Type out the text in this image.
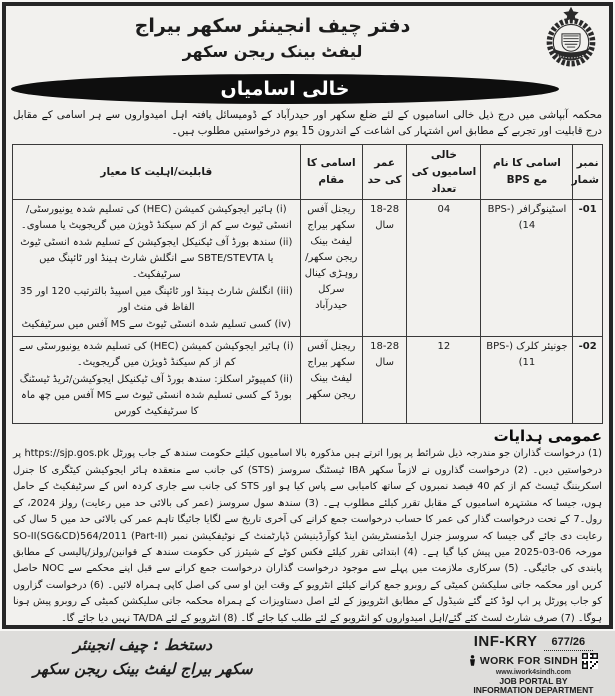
دفتر چیف انجینئر سکھر بیراج
لیفٹ بینک ریجن سکھر
خالی اسامیاں
محکمہ آبپاشی میں درج ذیل خالی اسامیوں کے لئے ضلع سکھر اور حیدرآباد کے ڈومیسائل یافتہ اہل امیدواروں سے ہر اسامی کے مقابل درج قابلیت اور تجربے کے مطابق اس اشتہار کی اشاعت کے اندرون 15 یوم درخواستیں مطلوب ہیں۔
نمبر شمار	اسامی کا نام مع BPS	خالی اسامیوں کی تعداد	عمر کی حد	اسامی کا مقام	قابلیت/اہلیت کا معیار
-01	اسٹینوگرافر (BPS-14)	04	18-28 سال	ریجنل آفس سکھر بیراج لیفٹ بینک ریجن سکھر/روہڑی کینال سرکل حیدرآباد	(i) ہائیر ایجوکیشن کمیشن (HEC) کی تسلیم شدہ یونیورسٹی/انسٹی ٹیوٹ سے کم از کم سیکنڈ ڈویژن میں گریجویٹ یا مساوی۔
(ii) سندھ بورڈ آف ٹیکنیکل ایجوکیشن کے تسلیم شدہ انسٹی ٹیوٹ یا SBTE/STEVTA سے انگلش شارٹ ہینڈ اور ٹائپنگ میں سرٹیفکیٹ۔
(iii) انگلش شارٹ ہینڈ اور ٹائپنگ میں اسپیڈ بالترتیب 120 اور 35 الفاظ فی منٹ اور
(iv) کسی تسلیم شدہ انسٹی ٹیوٹ سے MS آفس میں سرٹیفکیٹ

-02	جونیئر کلرک (BPS-11)	12	18-28 سال	ریجنل آفس سکھر بیراج لیفٹ بینک ریجن سکھر	(i) ہائیر ایجوکیشن کمیشن (HEC) کی تسلیم شدہ یونیورسٹی سے کم از کم سیکنڈ ڈویژن میں گریجویٹ۔
(ii) کمپیوٹر اسکلز: سندھ بورڈ آف ٹیکنیکل ایجوکیشن/ٹریڈ ٹیسٹنگ بورڈ کے کسی تسلیم شدہ انسٹی ٹیوٹ سے MS آفس میں چھ ماہ کا سرٹیفکیٹ کورس
عمومی ہدایات
(1) درخواست گذاران جو مندرجہ ذیل شرائط پر پورا اترتے ہیں مذکورہ بالا اسامیوں کیلئے حکومت سندھ کے جاب پورٹل https://sjp.gos.pk پر درخواستیں دیں۔ (2) درخواست گذاروں نے لازماً سکھر IBA ٹیسٹنگ سروسز (STS) کی جانب سے منعقدہ ہائر ایجوکیشن کیٹگری کا جنرل اسکریننگ ٹیسٹ کم از کم 40 فیصد نمبروں کے ساتھ کامیابی سے پاس کیا ہو اور STS کی جانب سے جاری کردہ اس کے سرٹیفکیٹ کے حامل ہوں، جیسا کہ مشتہرہ اسامیوں کے مقابل تقرر کیلئے مطلوب ہے۔ (3) سندھ سول سروسز (عمر کی بالائی حد میں رعایت) رولز 2024، کے رول۔7 کے تحت درخواست گذار کی عمر کا حساب درخواست جمع کرانے کی آخری تاریخ سے لگایا جائیگا تاہم عمر کی بالائی حد میں 5 سال کی رعایت دی جائے گی جیسا کہ سروسز جنرل ایڈمنسٹریشن اینڈ کوآرڈینیشن ڈپارٹمنٹ کے نوٹیفکیشن نمبر SO-II(SG&CD)564/2011 (Part-II) مورخہ 06-03-2025 میں پیش کیا گیا ہے۔ (4) ابتدائی تقرر کیلئے فکس کوٹے کے شیئرز کی حکومت سندھ کے قوانین/رولز/پالیسی کے مطابق پابندی کی جائیگی۔ (5) سرکاری ملازمت میں پہلے سے موجود درخواست گذاران درخواست جمع کرانے سے قبل اپنے محکمے سے NOC حاصل کریں اور محکمہ جاتی سلیکشن کمیٹی کے روبرو جمع کرانے کیلئے انٹرویو کے وقت این او سی کی اصل کاپی ہمراہ لائیں۔ (6) درخواست گزاروں کو جاب پورٹل پر اپ لوڈ کئے گئے شیڈول کے مطابق انٹرویوز کے لئے اصل دستاویزات کے ہمراہ محکمہ جاتی سلیکشن کمیٹی کے روبرو پیش ہونا ہوگا۔ (7) صرف شارٹ لسٹ کئے گئے/اہل امیدواروں کو انٹرویو کے لئے طلب کیا جائے گا۔ (8) انٹرویو کے لئے TA/DA نہیں دیا جائے گا۔
دستخط : چیف انجینئر
سکھر بیراج لیفٹ بینک ریجن سکھر
INF-KRY	677/26
WORK FOR SINDH
www.iwork4sindh.com
JOB PORTAL BY
INFORMATION DEPARTMENT
